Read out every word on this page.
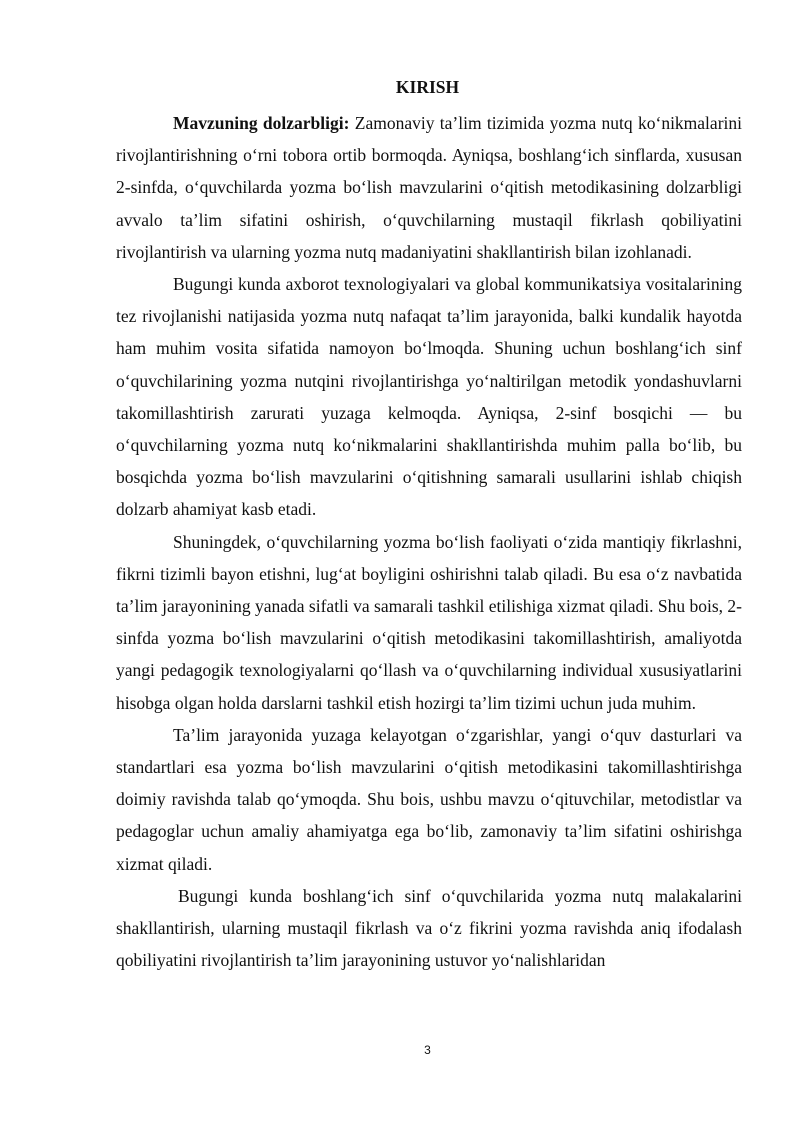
KIRISH

Mavzuning dolzarbligi: Zamonaviy ta’lim tizimida yozma nutq ko‘nikmalarini rivojlantirishning o‘rni tobora ortib bormoqda. Ayniqsa, boshlang‘ich sinflarda, xususan 2-sinfda, o‘quvchilarda yozma bo‘lish mavzularini o‘qitish metodikasining dolzarbligi avvalo ta’lim sifatini oshirish, o‘quvchilarning mustaqil fikrlash qobiliyatini rivojlantirish va ularning yozma nutq madaniyatini shakllantirish bilan izohlanadi.

Bugungi kunda axborot texnologiyalari va global kommunikatsiya vositalarining tez rivojlanishi natijasida yozma nutq nafaqat ta’lim jarayonida, balki kundalik hayotda ham muhim vosita sifatida namoyon bo‘lmoqda. Shuning uchun boshlang‘ich sinf o‘quvchilarining yozma nutqini rivojlantirishga yo‘naltirilgan metodik yondashuvlarni takomillashtirish zarurati yuzaga kelmoqda. Ayniqsa, 2-sinf bosqichi — bu o‘quvchilarning yozma nutq ko‘nikmalarini shakllantirishda muhim palla bo‘lib, bu bosqichda yozma bo‘lish mavzularini o‘qitishning samarali usullarini ishlab chiqish dolzarb ahamiyat kasb etadi.

Shuningdek, o‘quvchilarning yozma bo‘lish faoliyati o‘zida mantiqiy fikrlashni, fikrni tizimli bayon etishni, lug‘at boyligini oshirishni talab qiladi. Bu esa o‘z navbatida ta’lim jarayonining yanada sifatli va samarali tashkil etilishiga xizmat qiladi. Shu bois, 2-sinfda yozma bo‘lish mavzularini o‘qitish metodikasini takomillashtirish, amaliyotda yangi pedagogik texnologiyalarni qo‘llash va o‘quvchilarning individual xususiyatlarini hisobga olgan holda darslarni tashkil etish hozirgi ta’lim tizimi uchun juda muhim.

Ta’lim jarayonida yuzaga kelayotgan o‘zgarishlar, yangi o‘quv dasturlari va standartlari esa yozma bo‘lish mavzularini o‘qitish metodikasini takomillashtirishga doimiy ravishda talab qo‘ymoqda. Shu bois, ushbu mavzu o‘qituvchilar, metodistlar va pedagoglar uchun amaliy ahamiyatga ega bo‘lib, zamonaviy ta’lim sifatini oshirishga xizmat qiladi.

Bugungi kunda boshlang‘ich sinf o‘quvchilarida yozma nutq malakalarini shakllantirish, ularning mustaqil fikrlash va o‘z fikrini yozma ravishda aniq ifodalash qobiliyatini rivojlantirish ta’lim jarayonining ustuvor yo‘nalishlaridan

3
